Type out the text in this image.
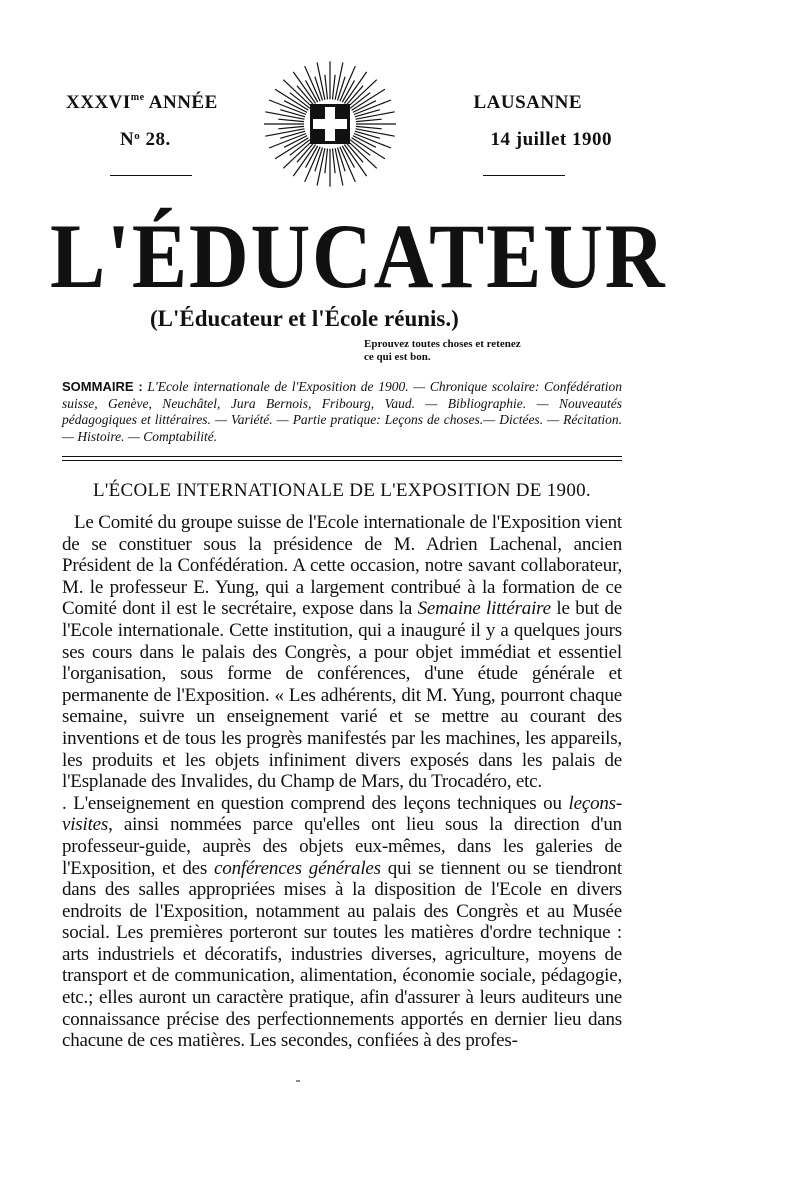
$XXXVI^{me}$ ANNÉE
$N^o$ 28.
LAUSANNE
14 juillet 1900
L'ÉDUCATEUR
(L'Éducateur et l'École réunis.)
Eprouvez toutes choses et retenez
ce qui est bon.
SOMMAIRE : L'Ecole internationale de l'Exposition de 1900. — Chronique scolaire: Confédération suisse, Genève, Neuchâtel, Jura Bernois, Fribourg, Vaud. — Bibliographie. — Nouveautés pédagogiques et littéraires. — Variété. — Partie pratique: Leçons de choses.— Dictées. — Récitation. — Histoire. — Comptabilité.
L'ÉCOLE INTERNATIONALE DE L'EXPOSITION DE 1900.

Le Comité du groupe suisse de l'Ecole internationale de l'Exposition vient de se constituer sous la présidence de M. Adrien Lachenal, ancien Président de la Confédération. A cette occasion, notre savant collaborateur, M. le professeur E. Yung, qui a largement contribué à la formation de ce Comité dont il est le secrétaire, expose dans la Semaine littéraire le but de l'Ecole internationale. Cette institution, qui a inauguré il y a quelques jours ses cours dans le palais des Congrès, a pour objet immédiat et essentiel l'organisation, sous forme de conférences, d'une étude générale et permanente de l'Exposition. « Les adhérents, dit M. Yung, pourront chaque semaine, suivre un enseignement varié et se mettre au courant des inventions et de tous les progrès manifestés par les machines, les appareils, les produits et les objets infiniment divers exposés dans les palais de l'Esplanade des Invalides, du Champ de Mars, du Trocadéro, etc.

. L'enseignement en question comprend des leçons techniques ou leçons-visites, ainsi nommées parce qu'elles ont lieu sous la direction d'un professeur-guide, auprès des objets eux-mêmes, dans les galeries de l'Exposition, et des conférences générales qui se tiennent ou se tiendront dans des salles appropriées mises à la disposition de l'Ecole en divers endroits de l'Exposition, notamment au palais des Congrès et au Musée social. Les premières porteront sur toutes les matières d'ordre technique : arts industriels et décoratifs, industries diverses, agriculture, moyens de transport et de communication, alimentation, économie sociale, pédagogie, etc.; elles auront un caractère pratique, afin d'assurer à leurs auditeurs une connaissance précise des perfectionnements apportés en dernier lieu dans chacune de ces matières. Les secondes, confiées à des profes-
